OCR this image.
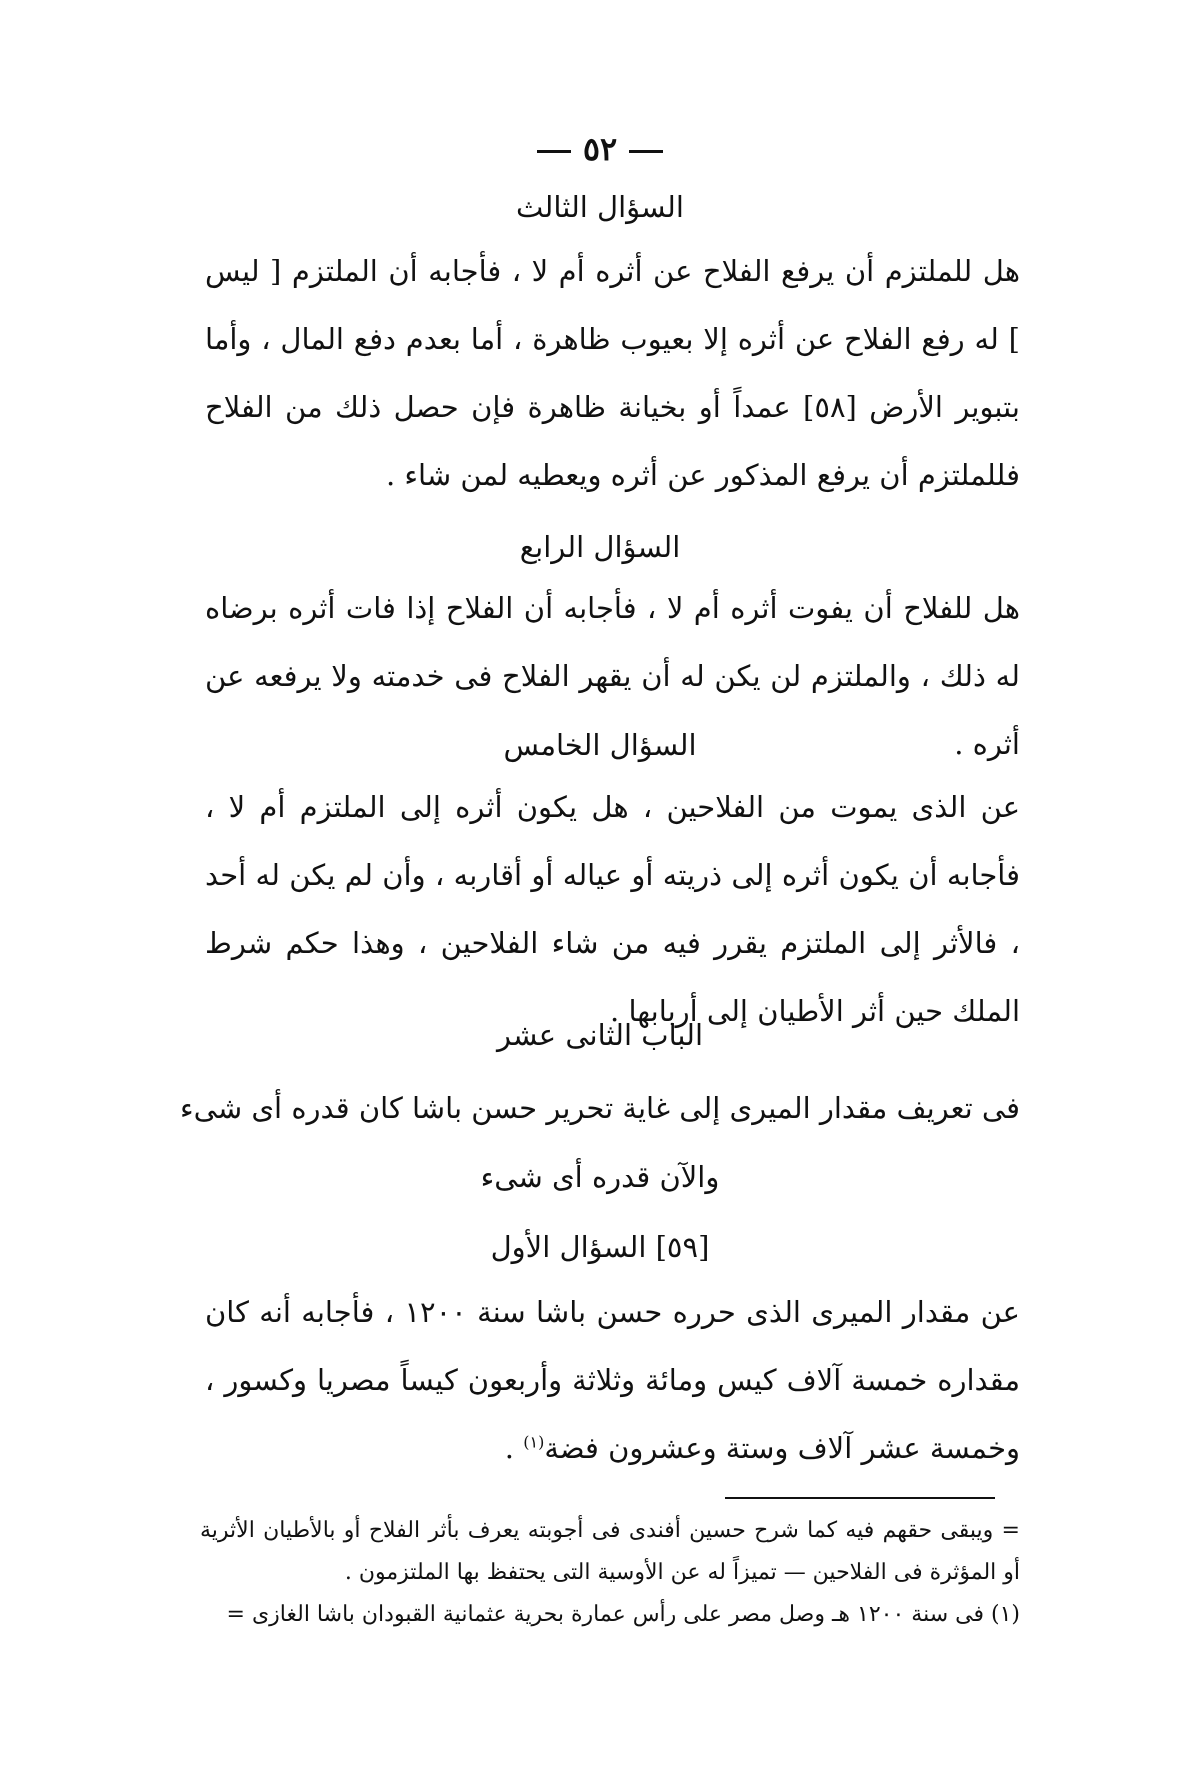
٥٢
السؤال الثالث
هل للملتزم أن يرفع الفلاح عن أثره أم لا ، فأجابه أن الملتزم [ ليس ] له رفع الفلاح عن أثره إلا بعيوب ظاهرة ، أما بعدم دفع المال ، وأما بتبوير الأرض [٥٨] عمداً أو بخيانة ظاهرة فإن حصل ذلك من الفلاح فللملتزم أن يرفع المذكور عن أثره ويعطيه لمن شاء .
السؤال الرابع
هل للفلاح أن يفوت أثره أم لا ، فأجابه أن الفلاح إذا فات أثره برضاه له ذلك ، والملتزم لن يكن له أن يقهر الفلاح فى خدمته ولا يرفعه عن أثره .
السؤال الخامس
عن الذى يموت من الفلاحين ، هل يكون أثره إلى الملتزم أم لا ، فأجابه أن يكون أثره إلى ذريته أو عياله أو أقاربه ، وأن لم يكن له أحد ، فالأثر إلى الملتزم يقرر فيه من شاء الفلاحين ، وهذا حكم شرط الملك حين أثر الأطيان إلى أربابها .
الباب الثانى عشر
فى تعريف مقدار الميرى إلى غاية تحرير حسن باشا كان قدره أى شىء
والآن قدره أى شىء
[٥٩] السؤال الأول
عن مقدار الميرى الذى حرره حسن باشا سنة ١٢٠٠ ، فأجابه أنه كان مقداره خمسة آلاف كيس ومائة وثلاثة وأربعون كيساً مصريا وكسور ، وخمسة عشر آلاف وستة وعشرون فضة$^{(١)}$ .
= ويبقى حقهم فيه كما شرح حسين أفندى فى أجوبته يعرف بأثر الفلاح أو بالأطيان الأثرية أو المؤثرة فى الفلاحين — تميزاً له عن الأوسية التى يحتفظ بها الملتزمون .
(١) فى سنة ١٢٠٠ هـ وصل مصر على رأس عمارة بحرية عثمانية القبودان باشا الغازى =
